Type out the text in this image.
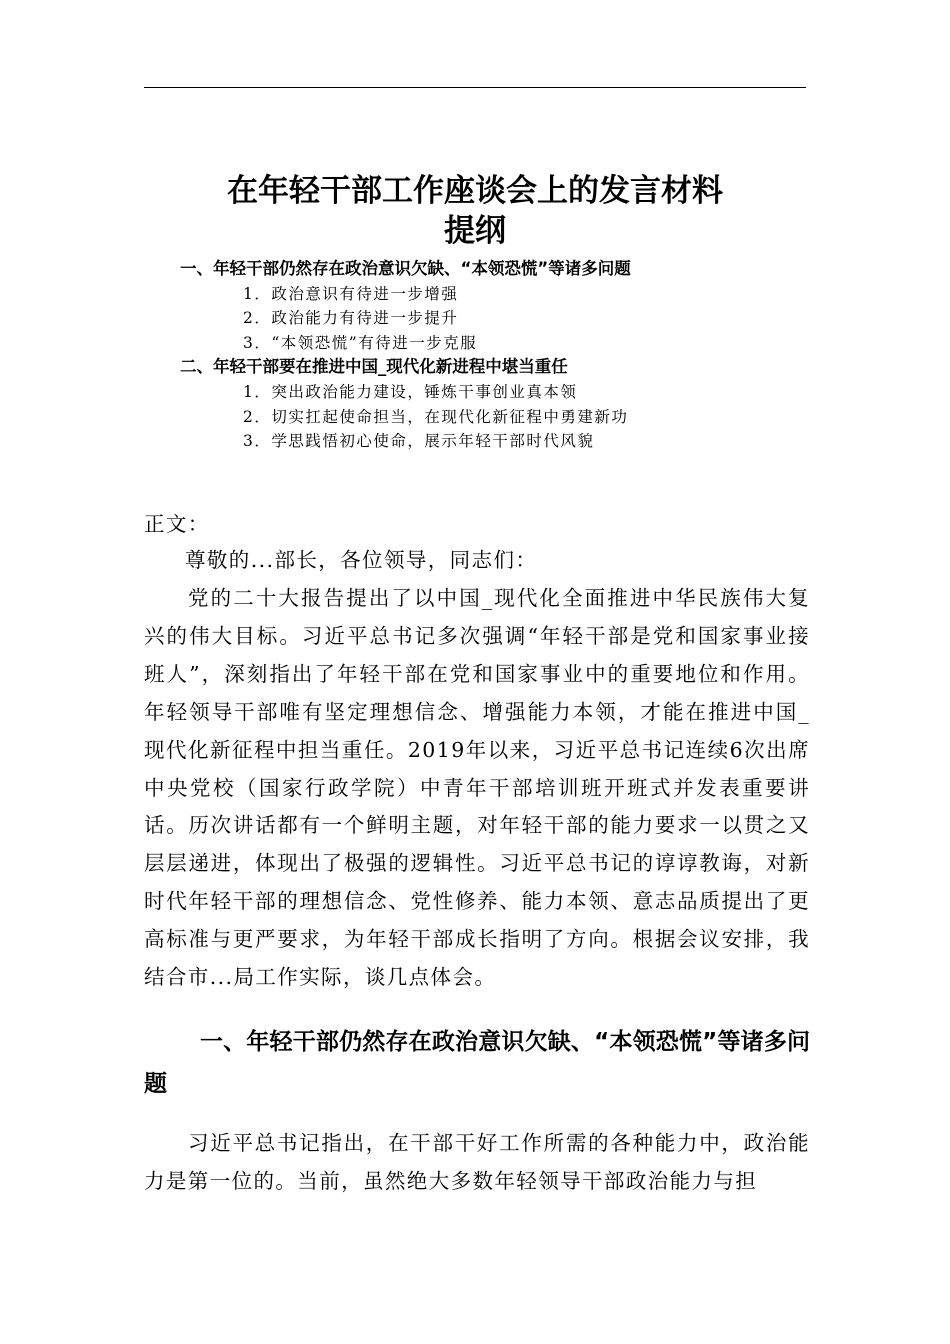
在年轻干部工作座谈会上的发言材料
提纲
一、年轻干部仍然存在政治意识欠缺、“本领恐慌”等诸多问题
1．政治意识有待进一步增强
2．政治能力有待进一步提升
3．“本领恐慌”有待进一步克服
二、年轻干部要在推进中国_现代化新进程中堪当重任
1．突出政治能力建设，锤炼干事创业真本领
2．切实扛起使命担当，在现代化新征程中勇建新功
3．学思践悟初心使命，展示年轻干部时代风貌
正文：
尊敬的...部长，各位领导，同志们：
党的二十大报告提出了以中国_现代化全面推进中华民族伟大复兴的伟大目标。习近平总书记多次强调“年轻干部是党和国家事业接班人”，深刻指出了年轻干部在党和国家事业中的重要地位和作用。年轻领导干部唯有坚定理想信念、增强能力本领，才能在推进中国_现代化新征程中担当重任。2019年以来，习近平总书记连续6次出席中央党校（国家行政学院）中青年干部培训班开班式并发表重要讲话。历次讲话都有一个鲜明主题，对年轻干部的能力要求一以贯之又层层递进，体现出了极强的逻辑性。习近平总书记的谆谆教诲，对新时代年轻干部的理想信念、党性修养、能力本领、意志品质提出了更高标准与更严要求，为年轻干部成长指明了方向。根据会议安排，我结合市...局工作实际，谈几点体会。
一、年轻干部仍然存在政治意识欠缺、“本领恐慌”等诸多问题
习近平总书记指出，在干部干好工作所需的各种能力中，政治能力是第一位的。当前，虽然绝大多数年轻领导干部政治能力与担
